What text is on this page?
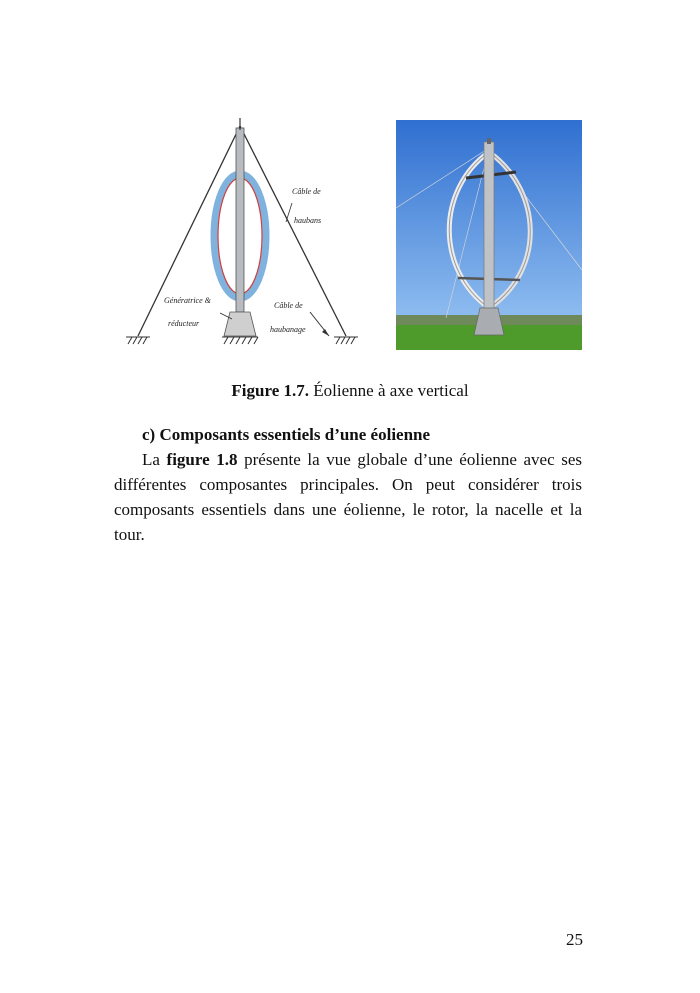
Câble de
haubans
Génératrice &
réducteur
Câble de
haubanage
Figure 1.7. Éolienne à axe vertical
c) Composants essentiels d’une éolienne
La figure 1.8 présente la vue globale d’une éolienne avec ses différentes composantes principales. On peut considérer trois composants essentiels dans une éolienne, le rotor, la nacelle et la tour.
25
